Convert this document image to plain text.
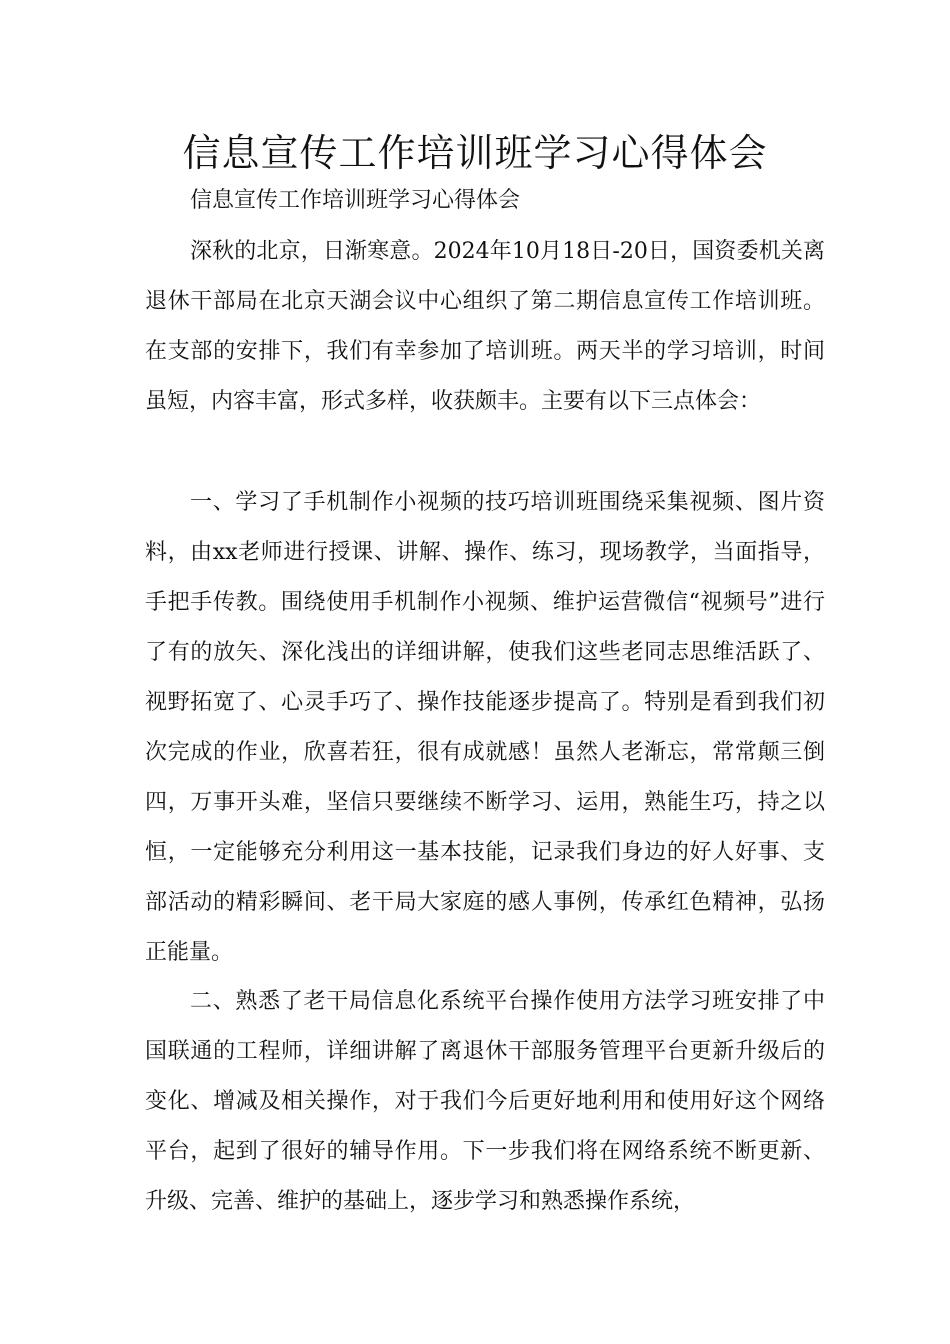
信息宣传工作培训班学习心得体会
信息宣传工作培训班学习心得体会

深秋的北京，日渐寒意。2024年10月18日-20日，国资委机关离退休干部局在北京天湖会议中心组织了第二期信息宣传工作培训班。在支部的安排下，我们有幸参加了培训班。两天半的学习培训，时间虽短，内容丰富，形式多样，收获颇丰。主要有以下三点体会：

一、学习了手机制作小视频的技巧培训班围绕采集视频、图片资料，由xx老师进行授课、讲解、操作、练习，现场教学，当面指导，手把手传教。围绕使用手机制作小视频、维护运营微信“视频号”进行了有的放矢、深化浅出的详细讲解，使我们这些老同志思维活跃了、视野拓宽了、心灵手巧了、操作技能逐步提高了。特别是看到我们初次完成的作业，欣喜若狂，很有成就感！虽然人老渐忘，常常颠三倒四，万事开头难，坚信只要继续不断学习、运用，熟能生巧，持之以恒，一定能够充分利用这一基本技能，记录我们身边的好人好事、支部活动的精彩瞬间、老干局大家庭的感人事例，传承红色精神，弘扬正能量。

二、熟悉了老干局信息化系统平台操作使用方法学习班安排了中国联通的工程师，详细讲解了离退休干部服务管理平台更新升级后的变化、增减及相关操作，对于我们今后更好地利用和使用好这个网络平台，起到了很好的辅导作用。下一步我们将在网络系统不断更新、升级、完善、维护的基础上，逐步学习和熟悉操作系统，
